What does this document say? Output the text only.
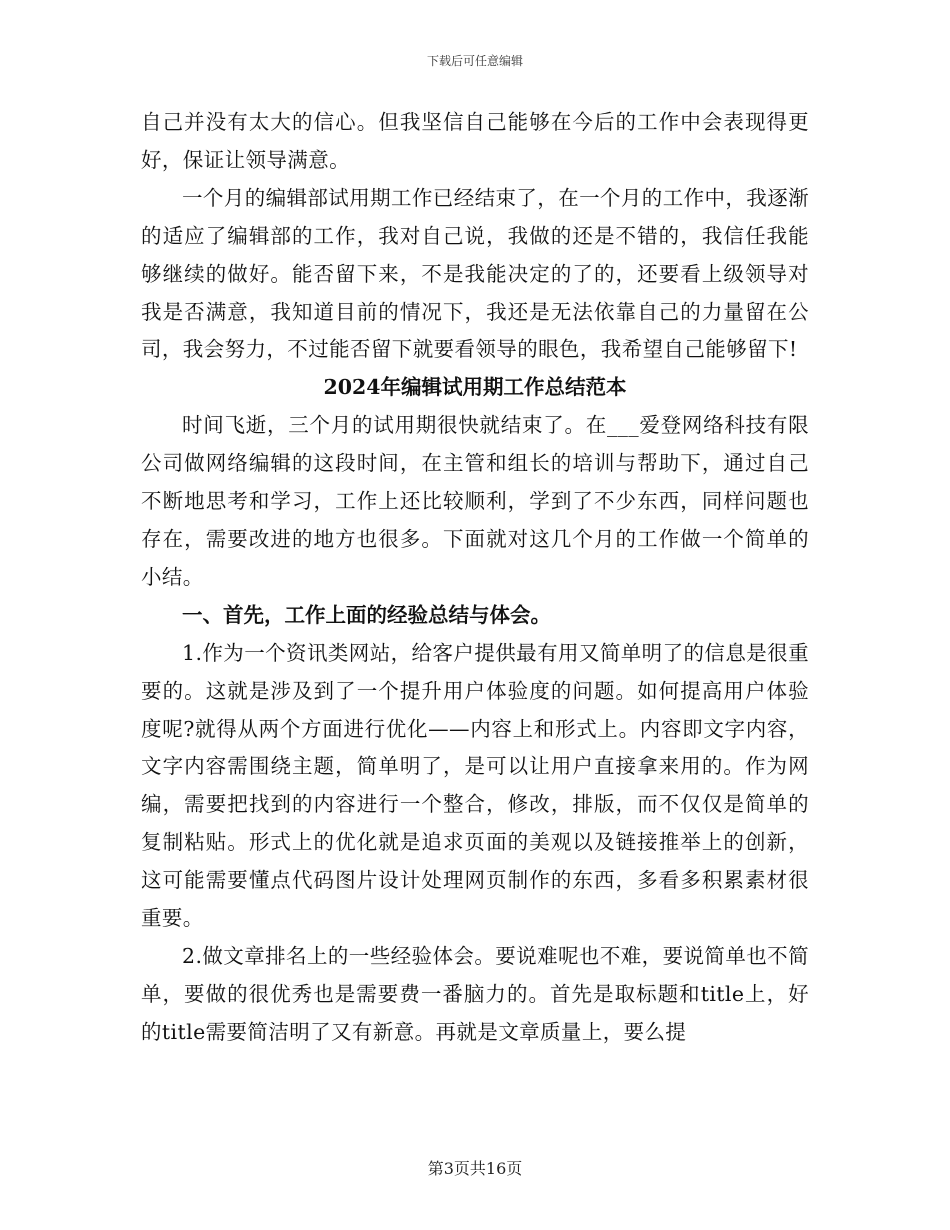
下载后可任意编辑

自己并没有太大的信心。但我坚信自己能够在今后的工作中会表现得更好，保证让领导满意。

一个月的编辑部试用期工作已经结束了，在一个月的工作中，我逐渐的适应了编辑部的工作，我对自己说，我做的还是不错的，我信任我能够继续的做好。能否留下来，不是我能决定的了的，还要看上级领导对我是否满意，我知道目前的情况下，我还是无法依靠自己的力量留在公司，我会努力，不过能否留下就要看领导的眼色，我希望自己能够留下!

2024年编辑试用期工作总结范本

时间飞逝，三个月的试用期很快就结束了。在___爱登网络科技有限公司做网络编辑的这段时间，在主管和组长的培训与帮助下，通过自己不断地思考和学习，工作上还比较顺利，学到了不少东西，同样问题也存在，需要改进的地方也很多。下面就对这几个月的工作做一个简单的小结。

一、首先，工作上面的经验总结与体会。

1.作为一个资讯类网站，给客户提供最有用又简单明了的信息是很重要的。这就是涉及到了一个提升用户体验度的问题。如何提高用户体验度呢?就得从两个方面进行优化——内容上和形式上。内容即文字内容，文字内容需围绕主题，简单明了，是可以让用户直接拿来用的。作为网编，需要把找到的内容进行一个整合，修改，排版，而不仅仅是简单的复制粘贴。形式上的优化就是追求页面的美观以及链接推举上的创新，这可能需要懂点代码图片设计处理网页制作的东西，多看多积累素材很重要。

2.做文章排名上的一些经验体会。要说难呢也不难，要说简单也不简单，要做的很优秀也是需要费一番脑力的。首先是取标题和title上，好的title需要简洁明了又有新意。再就是文章质量上，要么提

第3页共16页
